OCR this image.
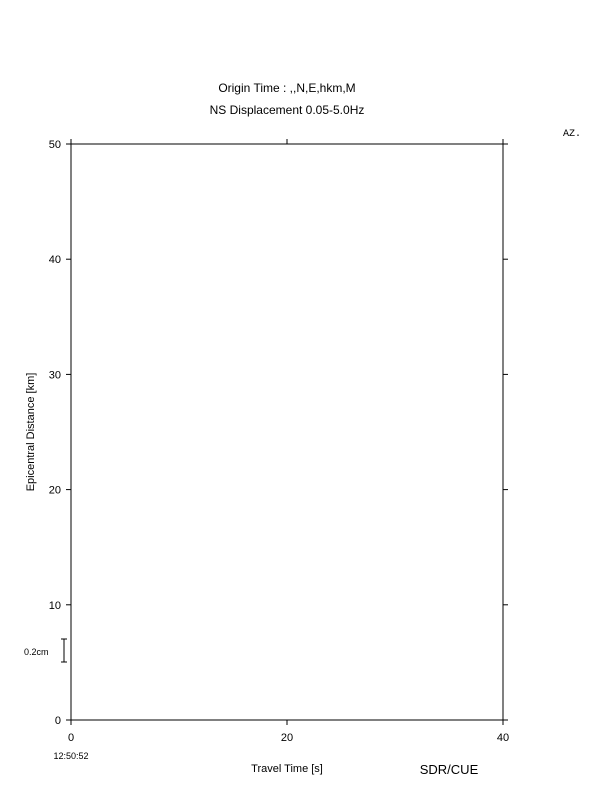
Origin Time : ,,N,E,hkm,M
NS Displacement 0.05-5.0Hz
AZ.
0	20	40
0
10
20
30
40
50
Travel Time [s]
Epicentral Distance [km]
12:50:52
0.2cm
SDR/CUE
